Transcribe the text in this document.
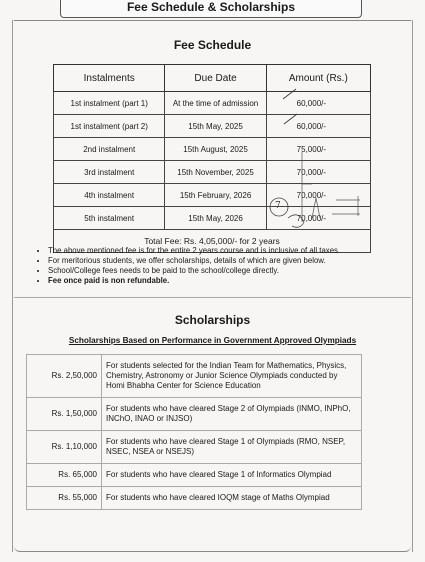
Fee Schedule & Scholarships
Fee Schedule
Instalments	Due Date	Amount (Rs.)
1st instalment (part 1)	At the time of admission	60,000/-
1st instalment (part 2)	15th May, 2025	60,000/-
2nd instalment	15th August, 2025	75,000/-
3rd instalment	15th November, 2025	70,000/-
4th instalment	15th February, 2026	70,000/-
5th instalment	15th May, 2026	70,000/-
Total Fee: Rs. 4,05,000/- for 2 years		
7
• The above mentioned fee is for the entire 2 years course and is inclusive of all taxes.
• For meritorious students, we offer scholarships, details of which are given below.
• School/College fees needs to be paid to the school/college directly.
• Fee once paid is non refundable.
Scholarships
Scholarships Based on Performance in Government Approved Olympiads
Rs. 2,50,000	For students selected for the Indian Team for Mathematics, Physics, Chemistry, Astronomy or Junior Science Olympiads conducted by Homi Bhabha Center for Science Education
Rs. 1,50,000	For students who have cleared Stage 2 of Olympiads (INMO, INPhO, INChO, INAO or INJSO)
Rs. 1,10,000	For students who have cleared Stage 1 of Olympiads (RMO, NSEP, NSEC, NSEA or NSEJS)
Rs. 65,000	For students who have cleared Stage 1 of Informatics Olympiad
Rs. 55,000	For students who have cleared IOQM stage of Maths Olympiad
